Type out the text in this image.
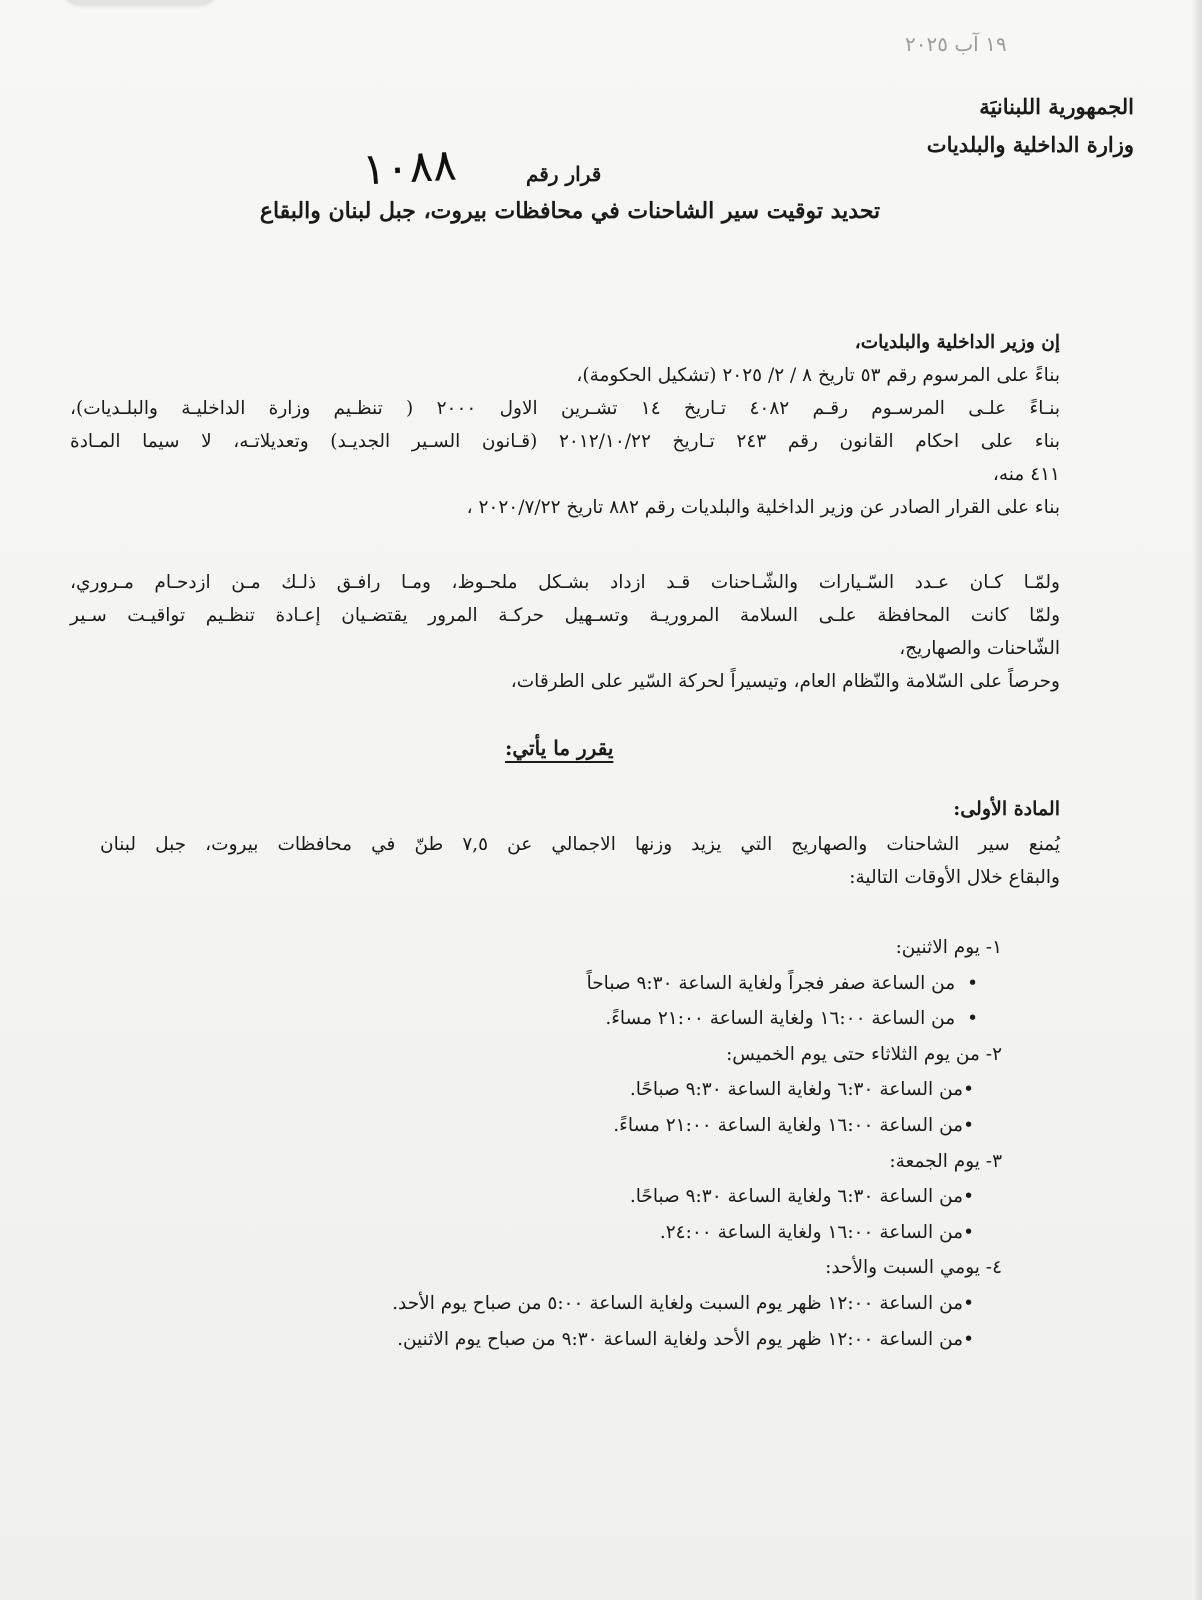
١٩ آب ٢٠٢٥
الجمهورية اللبنانيَة
وزارة الداخلية والبلديات
قرار رقم
١٠٨٨
تحديد توقيت سير الشاحنات في محافظات بيروت، جبل لبنان والبقاع
إن وزير الداخلية والبلديات،
بناءً على المرسوم رقم ٥٣ تاريخ ٨ / ٢/ ٢٠٢٥ (تشكيل الحكومة)،
بنـاءً علـى المرسـوم رقـم ٤٠٨٢ تـاريخ ١٤ تشـرين الاول ٢٠٠٠ ( تنظـيم وزارة الداخليـة والبلـديات)،
بناء على احكام القانون رقم ٢٤٣ تـاريخ ٢٠١٢/١٠/٢٢ (قـانون السـير الجديـد) وتعديلاتـه، لا سيما المـادة
٤١١ منه،
بناء على القرار الصادر عن وزير الداخلية والبلديات رقم ٨٨٢ تاريخ ٢٠٢٠/٧/٢٢ ،
ولمّـا كـان عـدد السّـيارات والشّـاحنات قـد ازداد بشـكل ملحـوظ، ومـا رافـق ذلـك مـن ازدحـام مـروري،
ولمّا كانت المحافظة علـى السلامة المروريـة وتسـهيل حركـة المرور يقتضـيان إعـادة تنظـيم تواقيـت سـير
الشّاحنات والصهاريج،
وحرصاً على السّلامة والنّظام العام، وتيسيراً لحركة السّير على الطرقات،
يقرر ما يأتي:
المادة الأولى:
يُمنع سير الشاحنات والصهاريج التي يزيد وزنها الاجمالي عن ٧,٥ طنّ في محافظات بيروت، جبل لبنان
والبقاع خلال الأوقات التالية:
١- يوم الاثنين:
• من الساعة صفر فجراً ولغاية الساعة ٩:٣٠ صباحاً
• من الساعة ١٦:٠٠ ولغاية الساعة ٢١:٠٠ مساءً.
٢- من يوم الثلاثاء حتى يوم الخميس:
•من الساعة ٦:٣٠ ولغاية الساعة ٩:٣٠ صباحًا.
•من الساعة ١٦:٠٠ ولغاية الساعة ٢١:٠٠ مساءً.
٣- يوم الجمعة:
•من الساعة ٦:٣٠ ولغاية الساعة ٩:٣٠ صباحًا.
•من الساعة ١٦:٠٠ ولغاية الساعة ٢٤:٠٠.
٤- يومي السبت والأحد:
•من الساعة ١٢:٠٠ ظهر يوم السبت ولغاية الساعة ٥:٠٠ من صباح يوم الأحد.
•من الساعة ١٢:٠٠ ظهر يوم الأحد ولغاية الساعة ٩:٣٠ من صباح يوم الاثنين.
